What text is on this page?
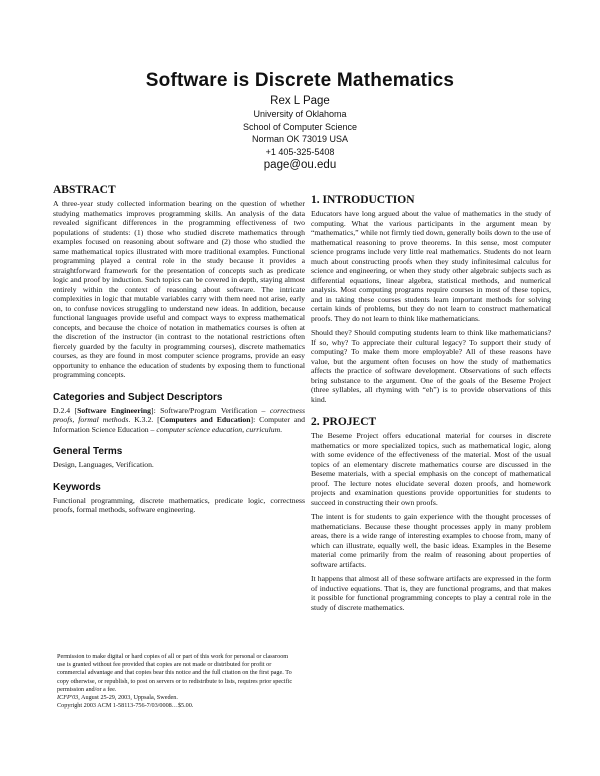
Software is Discrete Mathematics
Rex L Page
University of Oklahoma
School of Computer Science
Norman OK 73019 USA
+1 405-325-5408
page@ou.edu
ABSTRACT
A three-year study collected information bearing on the question of whether studying mathematics improves programming skills. An analysis of the data revealed significant differences in the programming effectiveness of two populations of students: (1) those who studied discrete mathematics through examples focused on reasoning about software and (2) those who studied the same mathematical topics illustrated with more traditional examples. Functional programming played a central role in the study because it provides a straightforward framework for the presentation of concepts such as predicate logic and proof by induction. Such topics can be covered in depth, staying almost entirely within the context of reasoning about software. The intricate complexities in logic that mutable variables carry with them need not arise, early on, to confuse novices struggling to understand new ideas. In addition, because functional languages provide useful and compact ways to express mathematical concepts, and because the choice of notation in mathematics courses is often at the discretion of the instructor (in contrast to the notational restrictions often fiercely guarded by the faculty in programming courses), discrete mathematics courses, as they are found in most computer science programs, provide an easy opportunity to enhance the education of students by exposing them to functional programming concepts.
Categories and Subject Descriptors
D.2.4 [Software Engineering]: Software/Program Verification – correctness proofs, formal methods. K.3.2. [Computers and Education]: Computer and Information Science Education – computer science education, curriculum.
General Terms
Design, Languages, Verification.
Keywords
Functional programming, discrete mathematics, predicate logic, correctness proofs, formal methods, software engineering.
Permission to make digital or hard copies of all or part of this work for personal or classroom use is granted without fee provided that copies are not made or distributed for profit or commercial advantage and that copies bear this notice and the full citation on the first page. To copy otherwise, or republish, to post on servers or to redistribute to lists, requires prior specific permission and/or a fee.
ICFP'03, August 25-29, 2003, Uppsala, Sweden.
Copyright 2003 ACM 1-58113-756-7/03/0008…$5.00.
1. INTRODUCTION
Educators have long argued about the value of mathematics in the study of computing. What the various participants in the argument mean by “mathematics,” while not firmly tied down, generally boils down to the use of mathematical reasoning to prove theorems. In this sense, most computer science programs include very little real mathematics. Students do not learn much about constructing proofs when they study infinitesimal calculus for science and engineering, or when they study other algebraic subjects such as differential equations, linear algebra, statistical methods, and numerical analysis. Most computing programs require courses in most of these topics, and in taking these courses students learn important methods for solving certain kinds of problems, but they do not learn to construct mathematical proofs. They do not learn to think like mathematicians.
Should they? Should computing students learn to think like mathematicians? If so, why? To appreciate their cultural legacy? To support their study of computing? To make them more employable? All of these reasons have value, but the argument often focuses on how the study of mathematics affects the practice of software development. Observations of such effects bring substance to the argument. One of the goals of the Beseme Project (three syllables, all rhyming with “eh”) is to provide observations of this kind.
2. PROJECT
The Beseme Project offers educational material for courses in discrete mathematics or more specialized topics, such as mathematical logic, along with some evidence of the effectiveness of the material. Most of the usual topics of an elementary discrete mathematics course are discussed in the Beseme materials, with a special emphasis on the concept of mathematical proof. The lecture notes elucidate several dozen proofs, and homework projects and examination questions provide opportunities for students to succeed in constructing their own proofs.
The intent is for students to gain experience with the thought processes of mathematicians. Because these thought processes apply in many problem areas, there is a wide range of interesting examples to choose from, many of which can illustrate, equally well, the basic ideas. Examples in the Beseme material come primarily from the realm of reasoning about properties of software artifacts.
It happens that almost all of these software artifacts are expressed in the form of inductive equations. That is, they are functional programs, and that makes it possible for functional programming concepts to play a central role in the study of discrete mathematics.
